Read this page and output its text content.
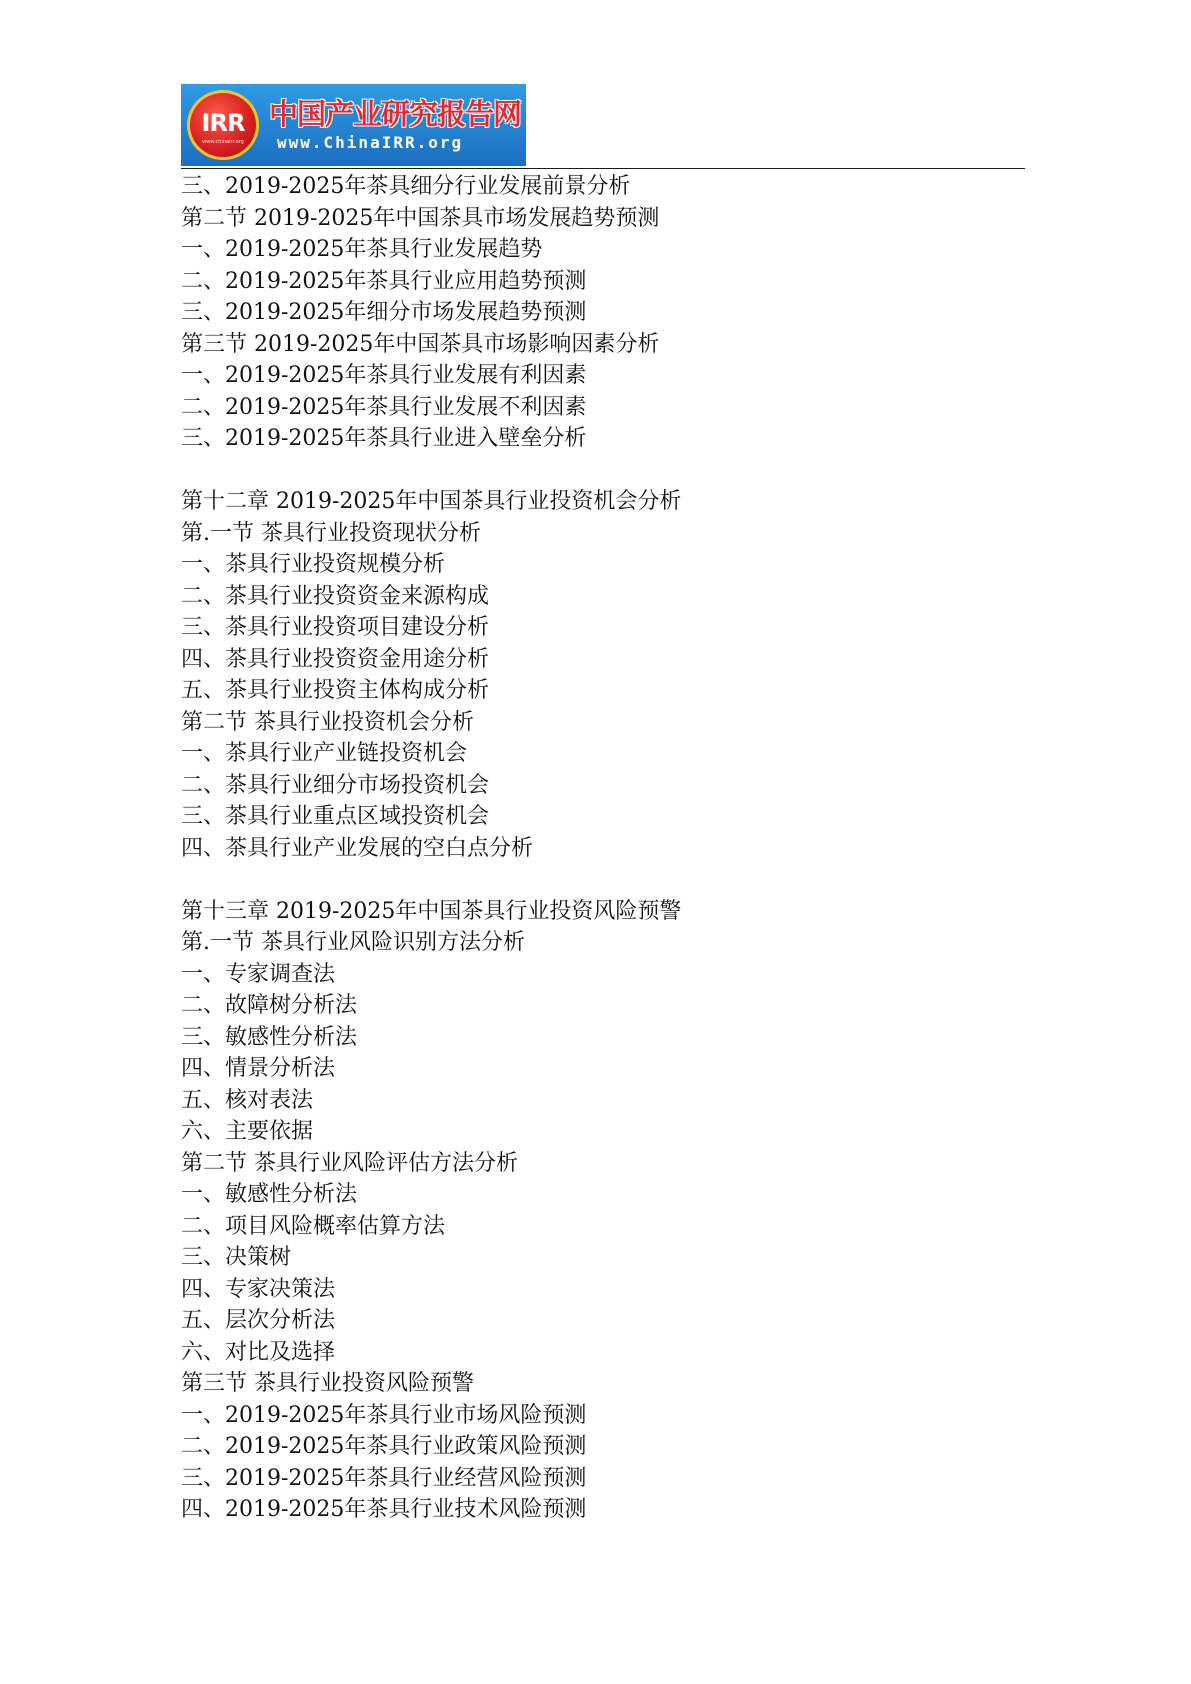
IRR
www.chinairr.org
中国产业研究报告网
www.ChinaIRR.org
三、2019-2025年茶具细分行业发展前景分析
第二节 2019-2025年中国茶具市场发展趋势预测
一、2019-2025年茶具行业发展趋势
二、2019-2025年茶具行业应用趋势预测
三、2019-2025年细分市场发展趋势预测
第三节 2019-2025年中国茶具市场影响因素分析
一、2019-2025年茶具行业发展有利因素
二、2019-2025年茶具行业发展不利因素
三、2019-2025年茶具行业进入壁垒分析
第十二章 2019-2025年中国茶具行业投资机会分析
第.一节 茶具行业投资现状分析
一、茶具行业投资规模分析
二、茶具行业投资资金来源构成
三、茶具行业投资项目建设分析
四、茶具行业投资资金用途分析
五、茶具行业投资主体构成分析
第二节 茶具行业投资机会分析
一、茶具行业产业链投资机会
二、茶具行业细分市场投资机会
三、茶具行业重点区域投资机会
四、茶具行业产业发展的空白点分析
第十三章 2019-2025年中国茶具行业投资风险预警
第.一节 茶具行业风险识别方法分析
一、专家调查法
二、故障树分析法
三、敏感性分析法
四、情景分析法
五、核对表法
六、主要依据
第二节 茶具行业风险评估方法分析
一、敏感性分析法
二、项目风险概率估算方法
三、决策树
四、专家决策法
五、层次分析法
六、对比及选择
第三节 茶具行业投资风险预警
一、2019-2025年茶具行业市场风险预测
二、2019-2025年茶具行业政策风险预测
三、2019-2025年茶具行业经营风险预测
四、2019-2025年茶具行业技术风险预测
